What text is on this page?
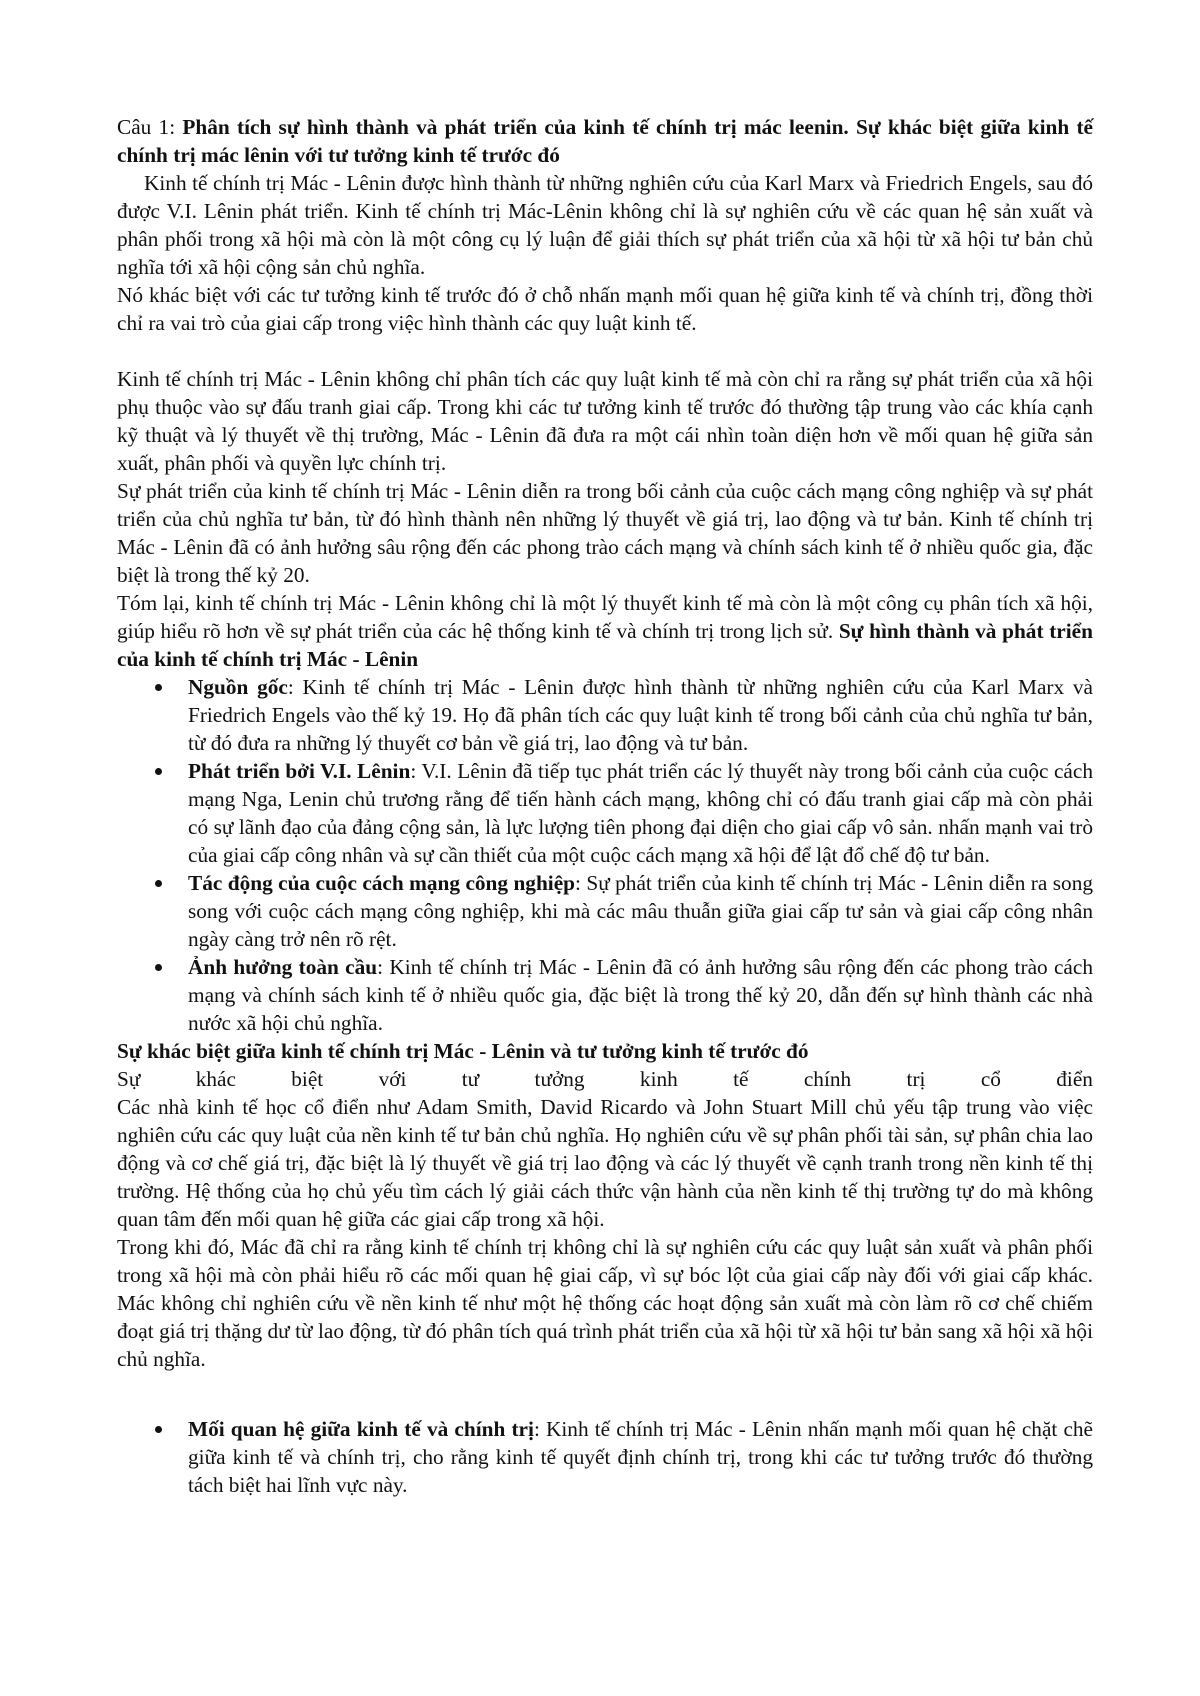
Câu 1: Phân tích sự hình thành và phát triển của kinh tế chính trị mác leenin. Sự khác biệt giữa kinh tế chính trị mác lênin với tư tưởng kinh tế trước đó

Kinh tế chính trị Mác - Lênin được hình thành từ những nghiên cứu của Karl Marx và Friedrich Engels, sau đó được V.I. Lênin phát triển. Kinh tế chính trị Mác-Lênin không chỉ là sự nghiên cứu về các quan hệ sản xuất và phân phối trong xã hội mà còn là một công cụ lý luận để giải thích sự phát triển của xã hội từ xã hội tư bản chủ nghĩa tới xã hội cộng sản chủ nghĩa.

Nó khác biệt với các tư tưởng kinh tế trước đó ở chỗ nhấn mạnh mối quan hệ giữa kinh tế và chính trị, đồng thời chỉ ra vai trò của giai cấp trong việc hình thành các quy luật kinh tế.

Kinh tế chính trị Mác - Lênin không chỉ phân tích các quy luật kinh tế mà còn chỉ ra rằng sự phát triển của xã hội phụ thuộc vào sự đấu tranh giai cấp. Trong khi các tư tưởng kinh tế trước đó thường tập trung vào các khía cạnh kỹ thuật và lý thuyết về thị trường, Mác - Lênin đã đưa ra một cái nhìn toàn diện hơn về mối quan hệ giữa sản xuất, phân phối và quyền lực chính trị.

Sự phát triển của kinh tế chính trị Mác - Lênin diễn ra trong bối cảnh của cuộc cách mạng công nghiệp và sự phát triển của chủ nghĩa tư bản, từ đó hình thành nên những lý thuyết về giá trị, lao động và tư bản. Kinh tế chính trị Mác - Lênin đã có ảnh hưởng sâu rộng đến các phong trào cách mạng và chính sách kinh tế ở nhiều quốc gia, đặc biệt là trong thế kỷ 20.

Tóm lại, kinh tế chính trị Mác - Lênin không chỉ là một lý thuyết kinh tế mà còn là một công cụ phân tích xã hội, giúp hiểu rõ hơn về sự phát triển của các hệ thống kinh tế và chính trị trong lịch sử. Sự hình thành và phát triển của kinh tế chính trị Mác - Lênin

Nguồn gốc: Kinh tế chính trị Mác - Lênin được hình thành từ những nghiên cứu của Karl Marx và Friedrich Engels vào thế kỷ 19. Họ đã phân tích các quy luật kinh tế trong bối cảnh của chủ nghĩa tư bản, từ đó đưa ra những lý thuyết cơ bản về giá trị, lao động và tư bản.
Phát triển bởi V.I. Lênin: V.I. Lênin đã tiếp tục phát triển các lý thuyết này trong bối cảnh của cuộc cách mạng Nga, Lenin chủ trương rằng để tiến hành cách mạng, không chỉ có đấu tranh giai cấp mà còn phải có sự lãnh đạo của đảng cộng sản, là lực lượng tiên phong đại diện cho giai cấp vô sản. nhấn mạnh vai trò của giai cấp công nhân và sự cần thiết của một cuộc cách mạng xã hội để lật đổ chế độ tư bản.
Tác động của cuộc cách mạng công nghiệp: Sự phát triển của kinh tế chính trị Mác - Lênin diễn ra song song với cuộc cách mạng công nghiệp, khi mà các mâu thuẫn giữa giai cấp tư sản và giai cấp công nhân ngày càng trở nên rõ rệt.
Ảnh hưởng toàn cầu: Kinh tế chính trị Mác - Lênin đã có ảnh hưởng sâu rộng đến các phong trào cách mạng và chính sách kinh tế ở nhiều quốc gia, đặc biệt là trong thế kỷ 20, dẫn đến sự hình thành các nhà nước xã hội chủ nghĩa.

Sự khác biệt giữa kinh tế chính trị Mác - Lênin và tư tưởng kinh tế trước đó

Sự	khác	biệt	với	tư	tưởng	kinh	tế	chính	trị	cổ	điển

Các nhà kinh tế học cổ điển như Adam Smith, David Ricardo và John Stuart Mill chủ yếu tập trung vào việc nghiên cứu các quy luật của nền kinh tế tư bản chủ nghĩa. Họ nghiên cứu về sự phân phối tài sản, sự phân chia lao động và cơ chế giá trị, đặc biệt là lý thuyết về giá trị lao động và các lý thuyết về cạnh tranh trong nền kinh tế thị trường. Hệ thống của họ chủ yếu tìm cách lý giải cách thức vận hành của nền kinh tế thị trường tự do mà không quan tâm đến mối quan hệ giữa các giai cấp trong xã hội.

Trong khi đó, Mác đã chỉ ra rằng kinh tế chính trị không chỉ là sự nghiên cứu các quy luật sản xuất và phân phối trong xã hội mà còn phải hiểu rõ các mối quan hệ giai cấp, vì sự bóc lột của giai cấp này đối với giai cấp khác. Mác không chỉ nghiên cứu về nền kinh tế như một hệ thống các hoạt động sản xuất mà còn làm rõ cơ chế chiếm đoạt giá trị thặng dư từ lao động, từ đó phân tích quá trình phát triển của xã hội từ xã hội tư bản sang xã hội xã hội chủ nghĩa.

Mối quan hệ giữa kinh tế và chính trị: Kinh tế chính trị Mác - Lênin nhấn mạnh mối quan hệ chặt chẽ giữa kinh tế và chính trị, cho rằng kinh tế quyết định chính trị, trong khi các tư tưởng trước đó thường tách biệt hai lĩnh vực này.
